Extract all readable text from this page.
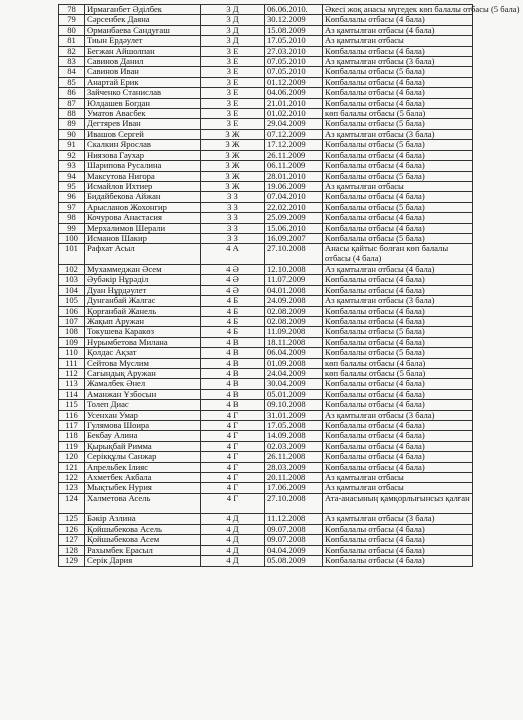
78	Ирмаганбет Әділбек	3 Д	06.06.2010.	Әкесі жоқ анасы мүгедек көп балалы отбасы (5 бала)
79	Сәрсенбек Даяна	3 Д	30.12.2009	Көпбалалы отбасы (4 бала)
80	Орманбаева Сандуғаш	3 Д	15.08.2009	Аз қамтылған отбасы (4 бала)
81	Тиын Ердәулет	3 Д	17.05.2010	Аз қамтылған отбасы
82	Бегжан Айшолпан	3 Е	27.03.2010	Көпбалалы отбасы (4 бала)
83	Савинов Данил	3 Е	07.05.2010	Аз қамтылған отбасы (3 бала)
84	Савинов Иван	3 Е	07.05.2010	Көпбалалы отбасы (5 бала)
85	Анартай Ерик	3 Е	01.12.2009	Көпбалалы отбасы (4 бала)
86	Зайченко Станислав	3 Е	04.06.2009	Көпбалалы отбасы (4 бала)
87	Юлдашев Богдан	3 Е	21.01.2010	Көпбалалы отбасы (4 бала)
88	Уматов Авасбек	3 Е	01.02.2010	көп балалы отбасы (5 бала)
89	Дегтярев Иван	3 Е	29.04.2009	Көпбалалы отбасы (5 бала)
90	Ивашов Сергей	3 Ж	07.12.2009	Аз қамтылған отбасы (3 бала)
91	Скалкин Ярослав	3 Ж	17.12.2009	Көпбалалы отбасы (5 бала)
92	Ниязова Гаухар	3 Ж	26.11.2009	Көпбалалы отбасы (4 бала)
93	Шарипова Русалина	3 Ж	06.11.2009	Көпбалалы отбасы (4 бала)
94	Максутова Нигора	3 Ж	28.01.2010	Көпбалалы отбасы (5 бала)
95	Исмайлов Ихтиер	3 Ж	19.06.2009	Аз қамтылған отбасы
96	Бидайбекова Айжан	3 З	07.04.2010	Көпбалалы отбасы (4 бала)
97	Арысланов Жохонгир	3 З	22.02.2010	Көпбалалы отбасы (5 бала)
98	Кочурова Анастасия	3 З	25.09.2009	Көпбалалы отбасы (4 бала)
99	Мерхалимов Шерали	3 З	15.06.2010	Көпбалалы отбасы (4 бала)
100	Исманов Шакир	3 З	16.09.2007	Көпбалалы отбасы (5 бала)
101	Рафхат Асыл	4 А	27.10.2008	Анасы қайтыс болған көп балалы отбасы (4 бала)
102	Мухаммеджан Әсем	4 Ә	12.10.2008	Аз қамтылған отбасы (4 бала)
103	Әубәкір Нұрәділ	4 Ә	11.07.2009	Көпбалалы отбасы (4 бала)
104	Дуан Нұрдәулет	4 Ә	04.01.2008	Көпбалалы отбасы (4 бала)
105	Дунганбай Жалгас	4 Б	24.09.2008	Аз қамтылған отбасы (3 бала)
106	Қорғанбай Жанель	4 Б	02.08.2009	Көпбалалы отбасы (4 бала)
107	Жақып Аружан	4 Б	02.08.2009	Көпбалалы отбасы (4 бала)
108	Токушева Каракөз	4 Б	11.09.2008	Көпбалалы отбасы (5 бала)
109	Нурымбетова Милана	4 В	18.11.2008	Көпбалалы отбасы (4 бала)
110	Қолдас Ақзат	4 В	06.04.2009	Көпбалалы отбасы (5 бала)
111	Сейтова Муслим	4 В	01.09.2008	көп балалы отбасы (4 бала)
112	Сағындық Аружан	4 В	24.04.2009	көп балалы отбасы (5 бала)
113	Жамалбек Әнел	4 В	30.04.2009	Көпбалалы отбасы (4 бала)
114	Аманжан Ұзбосын	4 В	05.01.2009	Көпбалалы отбасы (4 бала)
115	Толеп Диас	4 В	09.10.2008	Көпбалалы отбасы (4 бала)
116	Усенхан Умар	4 Г	31.01.2009	Аз қамтылған отбасы (3 бала)
117	Гулямова Шоира	4 Г	17.05.2008	Көпбалалы отбасы (4 бала)
118	Бекбау Алина	4 Г	14.09.2008	Көпбалалы отбасы (4 бала)
119	Қырықбай Римма	4 Г	02.03.2009	Көпбалалы отбасы (4 бала)
120	Серікқұлы Санжар	4 Г	26.11.2008	Көпбалалы отбасы (4 бала)
121	Апрельбек Ілияс	4 Г	28.03.2009	Көпбалалы отбасы (4 бала)
122	Ахметбек Акбала	4 Г	20.11.2008	Аз қамтылған отбасы
123	Мықтыбек Нурия	4 Г	17.06.2009	Аз қамтылған отбасы
124	Халметова Асель	4 Г	27.10.2008	Ата-анасының қамқорлығынсыз қалған
125	Бәкір Азлина	4 Д	11.12.2008	Аз қамтылған отбасы (3 бала)
126	Қойшыбекова Асель	4 Д	09.07.2008	Көпбалалы отбасы (4 бала)
127	Қойшыбекова Асем	4 Д	09.07.2008	Көпбалалы отбасы (4 бала)
128	Рахымбек Ерасыл	4 Д	04.04.2009	Көпбалалы отбасы (4 бала)
129	Серік Дария	4 Д	05.08.2009	Көпбалалы отбасы (4 бала)
